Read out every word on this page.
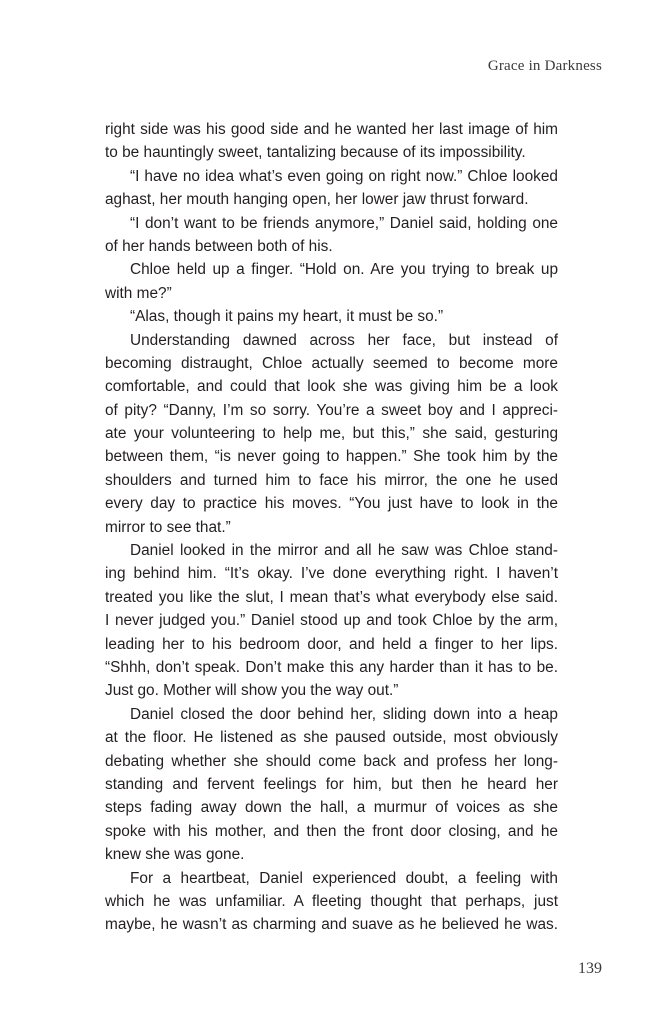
Grace in Darkness
right side was his good side and he wanted her last image of him
to be hauntingly sweet, tantalizing because of its impossibility.
“I have no idea what’s even going on right now.” Chloe looked
aghast, her mouth hanging open, her lower jaw thrust forward.
“I don’t want to be friends anymore,” Daniel said, holding one
of her hands between both of his.
Chloe held up a finger. “Hold on. Are you trying to break up
with me?”
“Alas, though it pains my heart, it must be so.”
Understanding dawned across her face, but instead of
becoming distraught, Chloe actually seemed to become more
comfortable, and could that look she was giving him be a look
of pity? “Danny, I’m so sorry. You’re a sweet boy and I appreci-
ate your volunteering to help me, but this,” she said, gesturing
between them, “is never going to happen.” She took him by the
shoulders and turned him to face his mirror, the one he used
every day to practice his moves. “You just have to look in the
mirror to see that.”
Daniel looked in the mirror and all he saw was Chloe stand-
ing behind him. “It’s okay. I’ve done everything right. I haven’t
treated you like the slut, I mean that’s what everybody else said.
I never judged you.” Daniel stood up and took Chloe by the arm,
leading her to his bedroom door, and held a finger to her lips.
“Shhh, don’t speak. Don’t make this any harder than it has to be.
Just go. Mother will show you the way out.”
Daniel closed the door behind her, sliding down into a heap
at the floor. He listened as she paused outside, most obviously
debating whether she should come back and profess her long-
standing and fervent feelings for him, but then he heard her
steps fading away down the hall, a murmur of voices as she
spoke with his mother, and then the front door closing, and he
knew she was gone.
For a heartbeat, Daniel experienced doubt, a feeling with
which he was unfamiliar. A fleeting thought that perhaps, just
maybe, he wasn’t as charming and suave as he believed he was.
139
